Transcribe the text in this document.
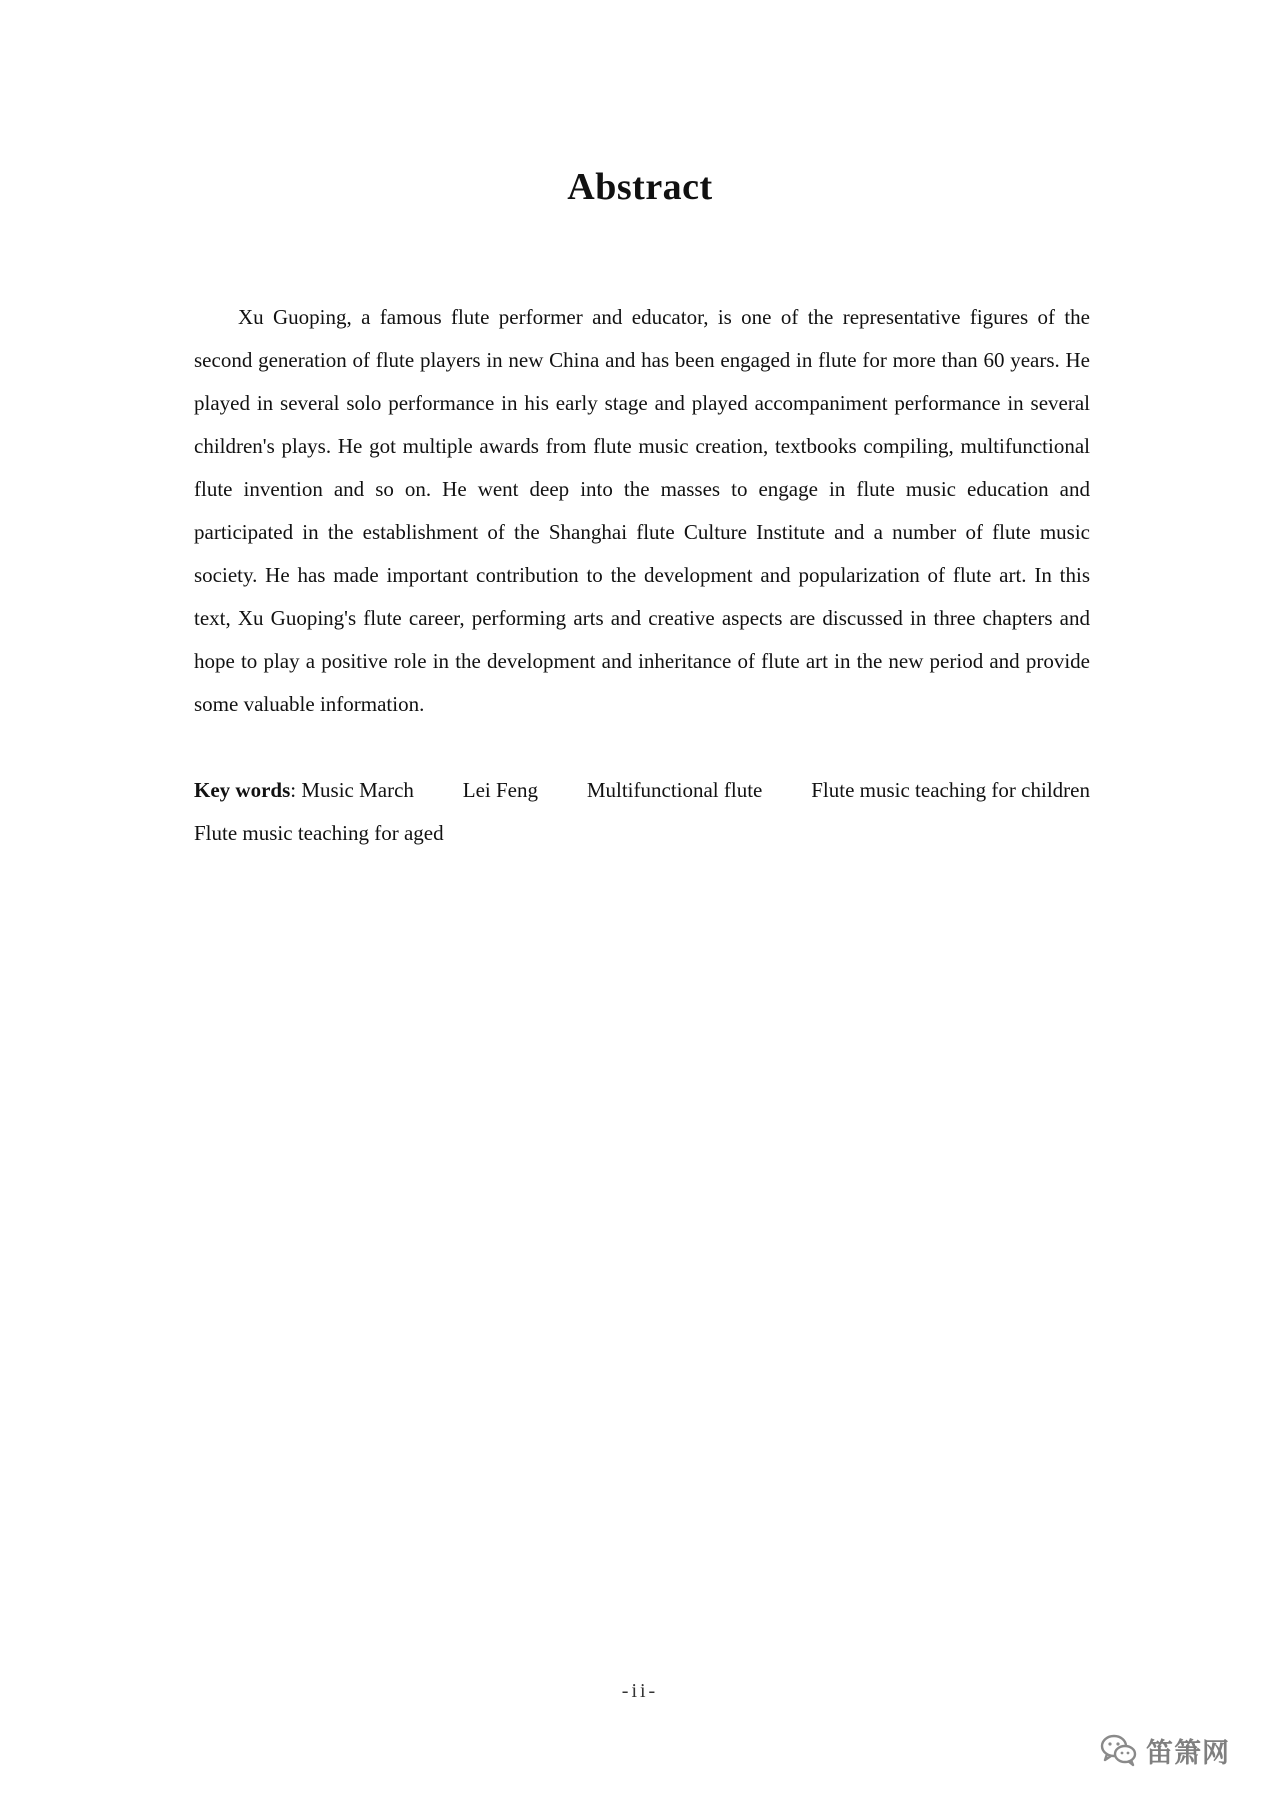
Abstract

Xu Guoping, a famous flute performer and educator, is one of the representative figures of the second generation of flute players in new China and has been engaged in flute for more than 60 years. He played in several solo performance in his early stage and played accompaniment performance in several children's plays. He got multiple awards from flute music creation, textbooks compiling, multifunctional flute invention and so on. He went deep into the masses to engage in flute music education and participated in the establishment of the Shanghai flute Culture Institute and a number of flute music society. He has made important contribution to the development and popularization of flute art. In this text, Xu Guoping's flute career, performing arts and creative aspects are discussed in three chapters and hope to play a positive role in the development and inheritance of flute art in the new period and provide some valuable information.

Key words: Music March Lei Feng Multifunctional flute Flute music teaching for children
Flute music teaching for aged
-ii-
笛箫网
